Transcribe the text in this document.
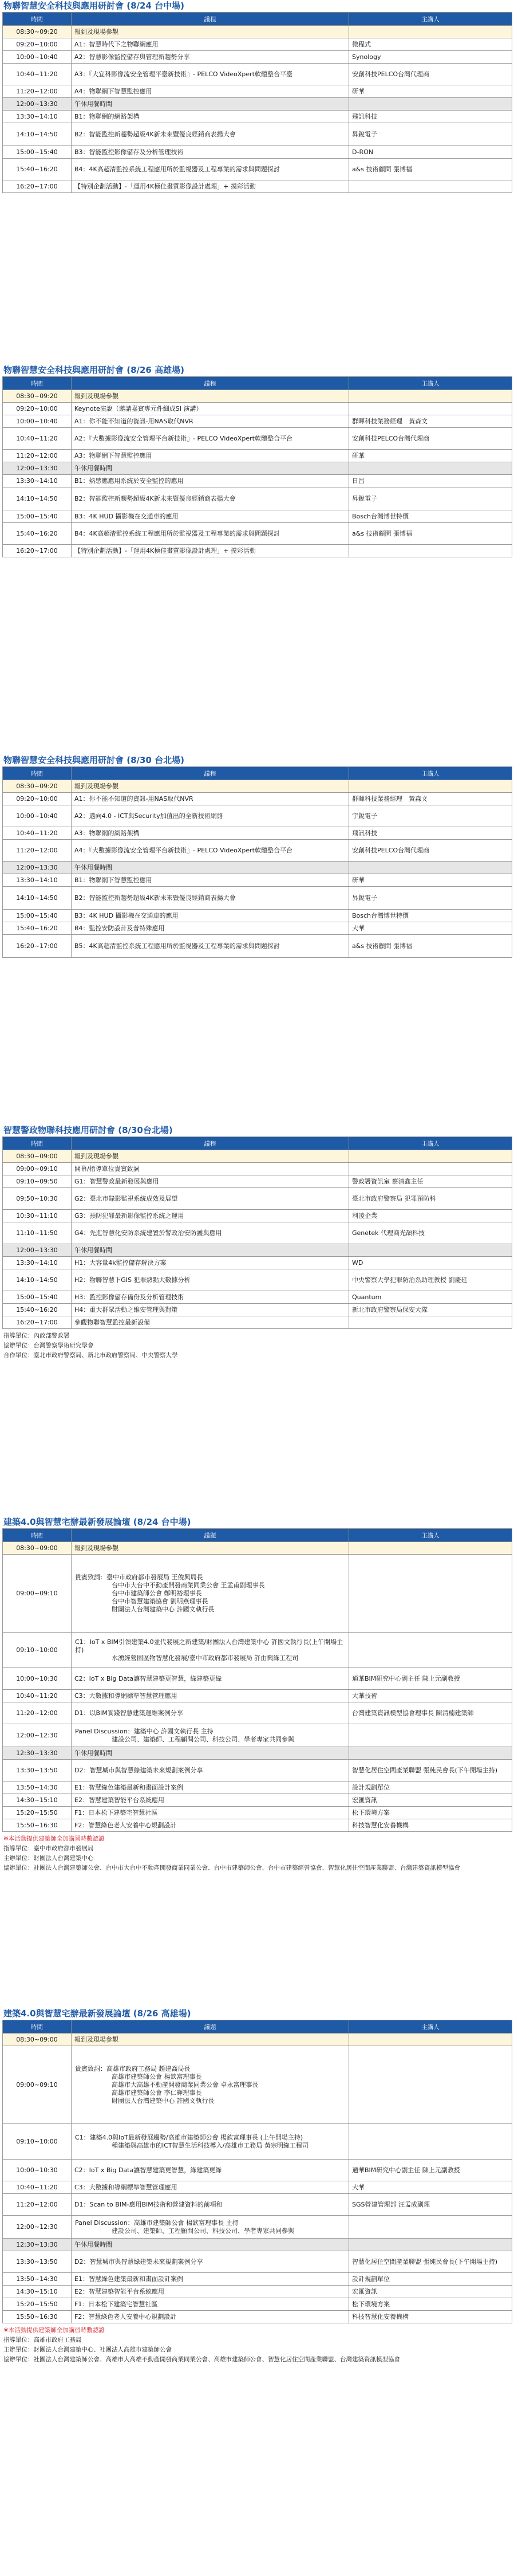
物聯智慧安全科技與應用研討會 (8/24 台中場)
時間	議程	主講人
08:30~09:20	報到及現場參觀	
09:20~10:00	A1：智慧時代下之物聯網應用	微程式
10:00~10:40	A2：智慧影像監控儲存與管理新趨勢分享	Synology
10:40~11:20	A3：『大宜科影像流安全管理平臺新技術』- PELCO VideoXpert軟體整合平臺	安創科技PELCO台灣代理商
11:20~12:00	A4：物聯網下智慧監控應用	研華
12:00~13:30	午休用餐時間	
13:30~14:10	B1：物聯網的網路架構	飛訊科技
14:10~14:50	B2：智能監控新趨勢超級4K新未來暨優良經銷商表揚大會	昇銳電子
15:00~15:40	B3：智能監控影像儲存及分析管理技術	D-RON
15:40~16:20	B4：4K高超清監控系統工程應用所於監視器及工程專業的需求與問題探討	a&s 技術顧問 張博福
16:20~17:00	【特別企劃活動】-「運用4K極佳畫質影像設計處理」+ 摸彩活動	
物聯智慧安全科技與應用研討會 (8/26 高雄場)
時間	議程	主講人
08:30~09:20	報到及現場參觀	
09:20~10:00	Keynote演說（邀請嘉賓專元件細成SI 演講）	
10:00~10:40	A1：你不能不知道的資訊-用NAS取代NVR	群暉科技業務經理　黃森文
10:40~11:20	A2：『大數據影像流安全管理平台新技術』- PELCO VideoXpert軟體整合平台	安創科技PELCO台灣代理商
11:20~12:00	A3：物聯網下智慧監控應用	研華
12:00~13:30	午休用餐時間	
13:30~14:10	B1：熱感應應用系統於安全監控的應用	日昌
14:10~14:50	B2：智能監控新趨勢超級4K新未來暨優良經銷商表揚大會	昇銳電子
15:00~15:40	B3：4K HUD 攝影機在交通車的應用	Bosch台灣博世特價
15:40~16:20	B4：4K高超清監控系統工程應用所於監視器及工程專業的需求與問題探討	a&s 技術顧問 張博福
16:20~17:00	【特別企劃活動】-「運用4K極佳畫質影像設計處理」+ 摸彩活動	
物聯智慧安全科技與應用研討會 (8/30 台北場)
時間	議程	主講人
08:30~09:20	報到及現場參觀	
09:20~10:00	A1：你不能不知道的資訊-用NAS取代NVR	群暉科技業務經理　黃森文
10:00~10:40	A2：邁向4.0 - ICT與Security加值出的全新技術網絡	宇銳電子
10:40~11:20	A3：物聯網的網路架構	飛訊科技
11:20~12:00	A4：『大數據影像流安全管理平台新技術』- PELCO VideoXpert軟體整合平台	安創科技PELCO台灣代理商
12:00~13:30	午休用餐時間	
13:30~14:10	B1：物聯網下智慧監控應用	研華
14:10~14:50	B2：智能監控新趨勢超級4K新未來暨優良經銷商表揚大會	昇銳電子
15:00~15:40	B3：4K HUD 攝影機在交通車的應用	Bosch台灣博世特價
15:40~16:20	B4：監控安防設計及普特殊應用	大華
16:20~17:00	B5：4K高超清監控系統工程應用所於監視器及工程專業的需求與問題探討	a&s 技術顧問 張博福
智慧警政物聯科技應用研討會 (8/30台北場)
時間	議程	主講人
08:30~09:00	報到及現場參觀	
09:00~09:10	開幕/指導單位貴賓致詞	
09:10~09:50	G1：智慧警政最新發展與應用	警政署資訊室 蔡清鑫主任
09:50~10:30	G2：臺北市錄影監視系統成效及展望	臺北市政府警察局 犯罪預防科
10:30~11:10	G3：預防犯罪最新影像監控系統之運用	利凌企業
11:10~11:50	G4：先進智慧化安防系統建置於警政治安防護與應用	Genetek 代理商光頡科技
12:00~13:30	午休用餐時間	
13:30~14:10	H1：大容量4k監控儲存解決方案	WD
14:10~14:50	H2：物聯智慧下GIS 犯罪熱點大數據分析	中央警察大學犯罪防治系助理教授 劉慶延
15:00~15:40	H3：監控影像儲存備份及分析管理技術	Quantum
15:40~16:20	H4：重大群眾活動之維安管理與對策	新北市政府警察局保安大隊
16:20~17:00	參觀物聯智慧監控最新設備	
指導單位：內政部警政署
協辦單位：台灣警察學術研究學會
合作單位：臺北市政府警察局、新北市政府警察局、中央警察大學
建築4.0與智慧宅辦最新發展論壇 (8/24 台中場)
時間	議題	主講人
08:30~09:00	報到及現場參觀	
09:00~09:10	貴賓致詞：臺中市政府都市發展局 王俊興局長
台中市大台中不動產開發商業同業公會 王孟甫副理事長
台中市建築師公會 鄭明裕理事長
台中市智慧建築協會 劉明燕理事長
財團法人台灣建築中心 許國文執行長	

09:10~10:00	C1：IoT x BIM引領建築4.0並代發展之新建築/財團法人台灣建築中心 許國文執行長(上午開場主持)
水湧經營園區物智慧化發展/臺中市政府都市發展局 許由興綠工程司	

10:00~10:30	C2：IoT x Big Data讓智慧建築更智慧，綠建築更綠	通華BIM研究中心副主任 陳上元副教授
10:40~11:20	C3：大數據和導網標準智慧管理應用	大華技術
11:20~12:00	D1：以BIM實踐智慧建築運維案例分享	台灣建築資訊模型協會理事長 陳清楠建築師
12:00~12:30	Panel Discussion：建築中心 許國文執行長 主持
建設公司、建築師、工程顧問公司、科技公司、學者專家共同參與	

12:30~13:30	午休用餐時間	
13:30~13:50	D2：智慧城市與智慧綠建築未來規劃案例分享	智慧化居住空間產業聯盟 張純民會長(下午開場主持)
13:50~14:30	E1：智慧綠色建築最新和畫面設計案例	設計規劃單位
14:30~15:10	E2：智慧建築智能平台系統應用	宏匯資訊
15:20~15:50	F1：日本松下建築宅智慧社區	松下環境方案
15:50~16:30	F2：智慧綠色老人安養中心規劃設計	科技智慧化安養機構
※本活動提供建築師全加講習時數認證
指導單位：臺中市政府都市發展局
主辦單位：財團法人台灣建築中心
協辦單位：社團法人台灣建築師公會、台中市大台中不動產開發商業同業公會、台中市建築師公會、台中市建築經營協會、智慧化居住空間產業聯盟、台灣建築資訊模型協會
建築4.0與智慧宅辦最新發展論壇 (8/26 高雄場)
時間	議題	主講人
08:30~09:00	報到及現場參觀	
09:00~09:10	貴賓致詞：高雄市政府工務局 趙建喬局長
高雄市建築師公會 楊欽富理事長
高雄市大高雄不動產開發商業同業公會 卓永富理事長
高雄市建築師公會 李仁輝理事長
財團法人台灣建築中心 許國文執行長	

09:10~10:00	C1：建築4.0與IoT最新發展趨勢/高雄市建築師公會 楊欽富理事長 (上午開場主持)
種建築與高雄市的ICT智慧生活科技導入/高雄市工務局 黃宗明綠工程司	

10:00~10:30	C2：IoT x Big Data讓智慧建築更智慧，綠建築更綠	通華BIM研究中心副主任 陳上元副教授
10:40~11:20	C3：大數據和導網標準智慧管理應用	大華
11:20~12:00	D1：Scan to BIM-應用BIM技術和營建資料的前項和	SGS營建管理部 汪孟成副理
12:00~12:30	Panel Discussion：高雄市建築師公會 楊欽富理事長 主持
建設公司、建築師、工程顧問公司、科技公司、學者專家共同參與	

12:30~13:30	午休用餐時間	
13:30~13:50	D2：智慧城市與智慧綠建築未來規劃案例分享	智慧化居住空間產業聯盟 張純民會長(下午開場主持)
13:50~14:30	E1：智慧綠色建築最新和畫面設計案例	設計規劃單位
14:30~15:10	E2：智慧建築智能平台系統應用	宏匯資訊
15:20~15:50	F1：日本松下建築宅智慧社區	松下環境方案
15:50~16:30	F2：智慧綠色老人安養中心規劃設計	科技智慧化安養機構
※本活動提供建築師全加講習時數認證
指導單位：高雄市政府工務局
主辦單位：財團法人台灣建築中心、社團法人高雄市建築師公會
協辦單位：社團法人台灣建築師公會、高雄市大高雄不動產開發商業同業公會、高雄市建築師公會、智慧化居住空間產業聯盟、台灣建築資訊模型協會
